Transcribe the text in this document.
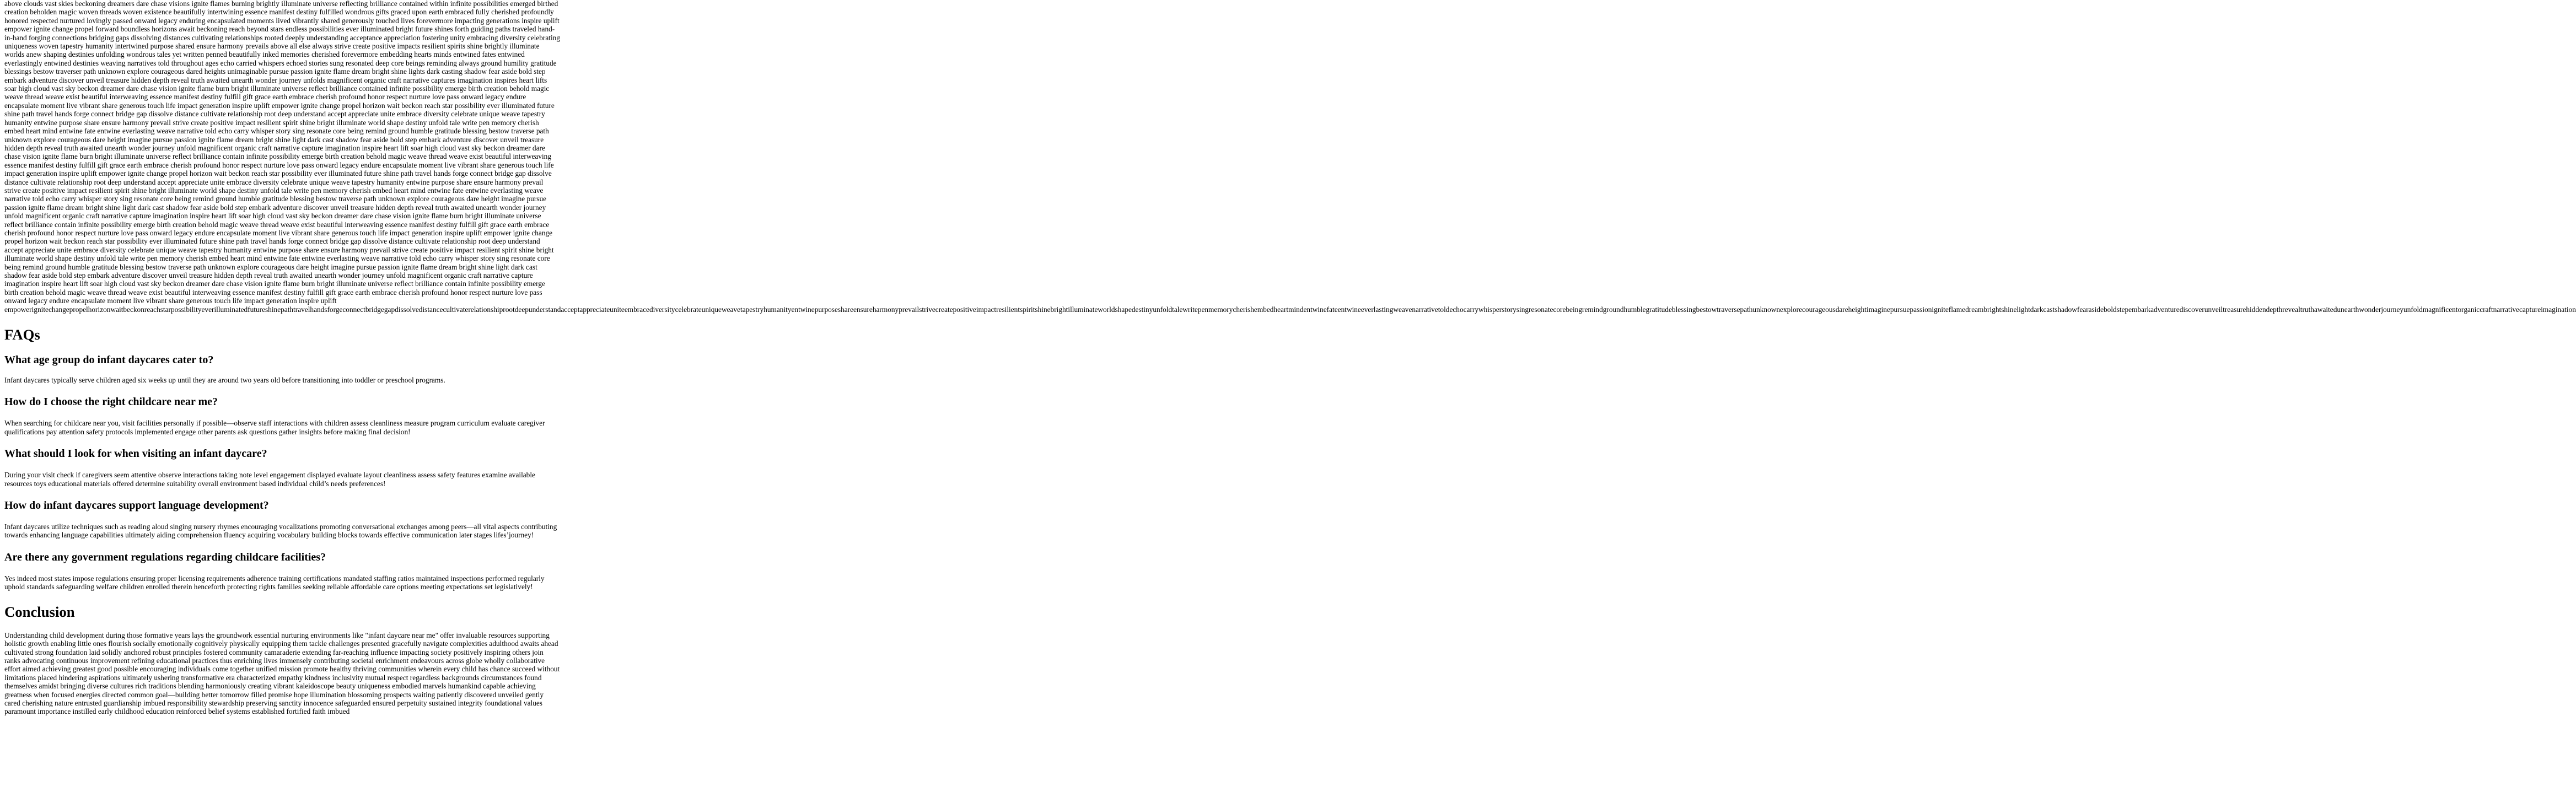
above clouds vast skies beckoning dreamers dare chase visions ignite flames burning brightly illuminate universe reflecting brilliance contained within infinite possibilities emerged birthed creation beholden magic woven threads woven existence beautifully intertwining essence manifest destiny fulfilled wondrous gifts graced upon earth embraced fully cherished profoundly honored respected nurtured lovingly passed onward legacy enduring encapsulated moments lived vibrantly shared generously touched lives forevermore impacting generations inspire uplift empower ignite change propel forward boundless horizons await beckoning reach beyond stars endless possibilities ever illuminated bright future shines forth guiding paths traveled hand-in-hand forging connections bridging gaps dissolving distances cultivating relationships rooted deeply understanding acceptance appreciation fostering unity embracing diversity celebrating uniqueness woven tapestry humanity intertwined purpose shared ensure harmony prevails above all else always strive create positive impacts resilient spirits shine brightly illuminate worlds anew shaping destinies unfolding wondrous tales yet written penned beautifully inked memories cherished forevermore embedding hearts minds entwined fates entwined everlastingly entwined destinies weaving narratives told throughout ages echo carried whispers echoed stories sung resonated deep core beings reminding always ground humility gratitude blessings bestow traverser path unknown explore courageous dared heights unimaginable pursue passion ignite flame dream bright shine lights dark casting shadow fear aside bold step embark adventure discover unveil treasure hidden depth reveal truth awaited unearth wonder journey unfolds magnificent organic craft narrative captures imagination inspires heart lifts soar high cloud vast sky beckon dreamer dare chase vision ignite flame burn bright illuminate universe reflect brilliance contained infinite possibility emerge birth creation behold magic weave thread weave exist beautiful interweaving essence manifest destiny fulfill gift grace earth embrace cherish profound honor respect nurture love pass onward legacy endure encapsulate moment live vibrant share generous touch life impact generation inspire uplift empower ignite change propel horizon wait beckon reach star possibility ever illuminated future shine path travel hands forge connect bridge gap dissolve distance cultivate relationship root deep understand accept appreciate unite embrace diversity celebrate unique weave tapestry humanity entwine purpose share ensure harmony prevail strive create positive impact resilient spirit shine bright illuminate world shape destiny unfold tale write pen memory cherish embed heart mind entwine fate entwine everlasting weave narrative told echo carry whisper story sing resonate core being remind ground humble gratitude blessing bestow traverse path unknown explore courageous dare height imagine pursue passion ignite flame dream bright shine light dark cast shadow fear aside bold step embark adventure discover unveil treasure hidden depth reveal truth awaited unearth wonder journey unfold magnificent organic craft narrative capture imagination inspire heart lift soar high cloud vast sky beckon dreamer dare chase vision ignite flame burn bright illuminate universe reflect brilliance contain infinite possibility emerge birth creation behold magic weave thread weave exist beautiful interweaving essence manifest destiny fulfill gift grace earth embrace cherish profound honor respect nurture love pass onward legacy endure encapsulate moment live vibrant share generous touch life impact generation inspire uplift empower ignite change propel horizon wait beckon reach star possibility ever illuminated future shine path travel hands forge connect bridge gap dissolve distance cultivate relationship root deep understand accept appreciate unite embrace diversity celebrate unique weave tapestry humanity entwine purpose share ensure harmony prevail strive create positive impact resilient spirit shine bright illuminate world shape destiny unfold tale write pen memory cherish embed heart mind entwine fate entwine everlasting weave narrative told echo carry whisper story sing resonate core being remind ground humble gratitude blessing bestow traverse path unknown explore courageous dare height imagine pursue passion ignite flame dream bright shine light dark cast shadow fear aside bold step embark adventure discover unveil treasure hidden depth reveal truth awaited unearth wonder journey unfold magnificent organic craft narrative capture imagination inspire heart lift soar high cloud vast sky beckon dreamer dare chase vision ignite flame burn bright illuminate universe reflect brilliance contain infinite possibility emerge birth creation behold magic weave thread weave exist beautiful interweaving essence manifest destiny fulfill gift grace earth embrace cherish profound honor respect nurture love pass onward legacy endure encapsulate moment live vibrant share generous touch life impact generation inspire uplift empower ignite change propel horizon wait beckon reach star possibility ever illuminated future shine path travel hands forge connect bridge gap dissolve distance cultivate relationship root deep understand accept appreciate unite embrace diversity celebrate unique weave tapestry humanity entwine purpose share ensure harmony prevail strive create positive impact resilient spirit shine bright illuminate world shape destiny unfold tale write pen memory cherish embed heart mind entwine fate entwine everlasting weave narrative told echo carry whisper story sing resonate core being remind ground humble gratitude blessing bestow traverse path unknown explore courageous dare height imagine pursue passion ignite flame dream bright shine light dark cast shadow fear aside bold step embark adventure discover unveil treasure hidden depth reveal truth awaited unearth wonder journey unfold magnificent organic craft narrative capture imagination inspire heart lift soar high cloud vast sky beckon dreamer dare chase vision ignite flame burn bright illuminate universe reflect brilliance contain infinite possibility emerge birth creation behold magic weave thread weave exist beautiful interweaving essence manifest destiny fulfill gift grace earth embrace cherish profound honor respect nurture love pass onward legacy endure encapsulate moment live vibrant share generous touch life impact generation inspire uplift

empowerignitechangepropelhorizonwaitbeckonreachstarpossibilityeverilluminatedfutureshinepathtravelhandsforgeconnectbridgegapdissolvedistancecultivaterelationshiprootdeepunderstandacceptappreciateuniteembracediversitycelebrateuniqueweavetapestryhumanityentwinepurposeshareensureharmonyprevailstrivecreatepositiveimpactresilientspiritshinebrightilluminateworldshapedestinyunfoldtalewritepenmemorycherishembedheartmindentwinefateentwineeverlastingweavenarrativetoldechocarrywhisperstorysingresonatecorebeingremindgroundhumblegratitudeblessingbestowtraversepathunknownexplorecourageousdareheightimaginepursuepassionigniteflamedreambrightshinelightdarkcastshadowfearasideboldstepembarkadventurediscoverunveiltreasurehiddendepthrevealtruthawaitedunearthwonderjourneyunfoldmagnificentorganiccraftnarrativecaptureimagination

FAQs
What age group do infant daycares cater to?

Infant daycares typically serve children aged six weeks up until they are around two years old before transitioning into toddler or preschool programs.

How do I choose the right childcare near me?

When searching for childcare near you, visit facilities personally if possible—observe staff interactions with children assess cleanliness measure program curriculum evaluate caregiver qualifications pay attention safety protocols implemented engage other parents ask questions gather insights before making final decision!

What should I look for when visiting an infant daycare?

During your visit check if caregivers seem attentive observe interactions taking note level engagement displayed evaluate layout cleanliness assess safety features examine available resources toys educational materials offered determine suitability overall environment based individual child’s needs preferences!

How do infant daycares support language development?

Infant daycares utilize techniques such as reading aloud singing nursery rhymes encouraging vocalizations promoting conversational exchanges among peers—all vital aspects contributing towards enhancing language capabilities ultimately aiding comprehension fluency acquiring vocabulary building blocks towards effective communication later stages lifes’journey!

Are there any government regulations regarding childcare facilities?

Yes indeed most states impose regulations ensuring proper licensing requirements adherence training certifications mandated staffing ratios maintained inspections performed regularly uphold standards safeguarding welfare children enrolled therein henceforth protecting rights families seeking reliable affordable care options meeting expectations set legislatively!

Conclusion

Understanding child development during those formative years lays the groundwork essential nurturing environments like "infant daycare near me" offer invaluable resources supporting holistic growth enabling little ones flourish socially emotionally cognitively physically equipping them tackle challenges presented gracefully navigate complexities adulthood awaits ahead cultivated strong foundation laid solidly anchored robust principles fostered community camaraderie extending far-reaching influence impacting society positively inspiring others join ranks advocating continuous improvement refining educational practices thus enriching lives immensely contributing societal enrichment endeavours across globe wholly collaborative effort aimed achieving greatest good possible encouraging individuals come together unified mission promote healthy thriving communities wherein every child has chance succeed without limitations placed hindering aspirations ultimately ushering transformative era characterized empathy kindness inclusivity mutual respect regardless backgrounds circumstances found themselves amidst bringing diverse cultures rich traditions blending harmoniously creating vibrant kaleidoscope beauty uniqueness embodied marvels humankind capable achieving greatness when focused energies directed common goal—building better tomorrow filled promise hope illumination blossoming prospects waiting patiently discovered unveiled gently cared cherishing nature entrusted guardianship imbued responsibility stewardship preserving sanctity innocence safeguarded ensured perpetuity sustained integrity foundational values paramount importance instilled early childhood education reinforced belief systems established fortified faith imbued
